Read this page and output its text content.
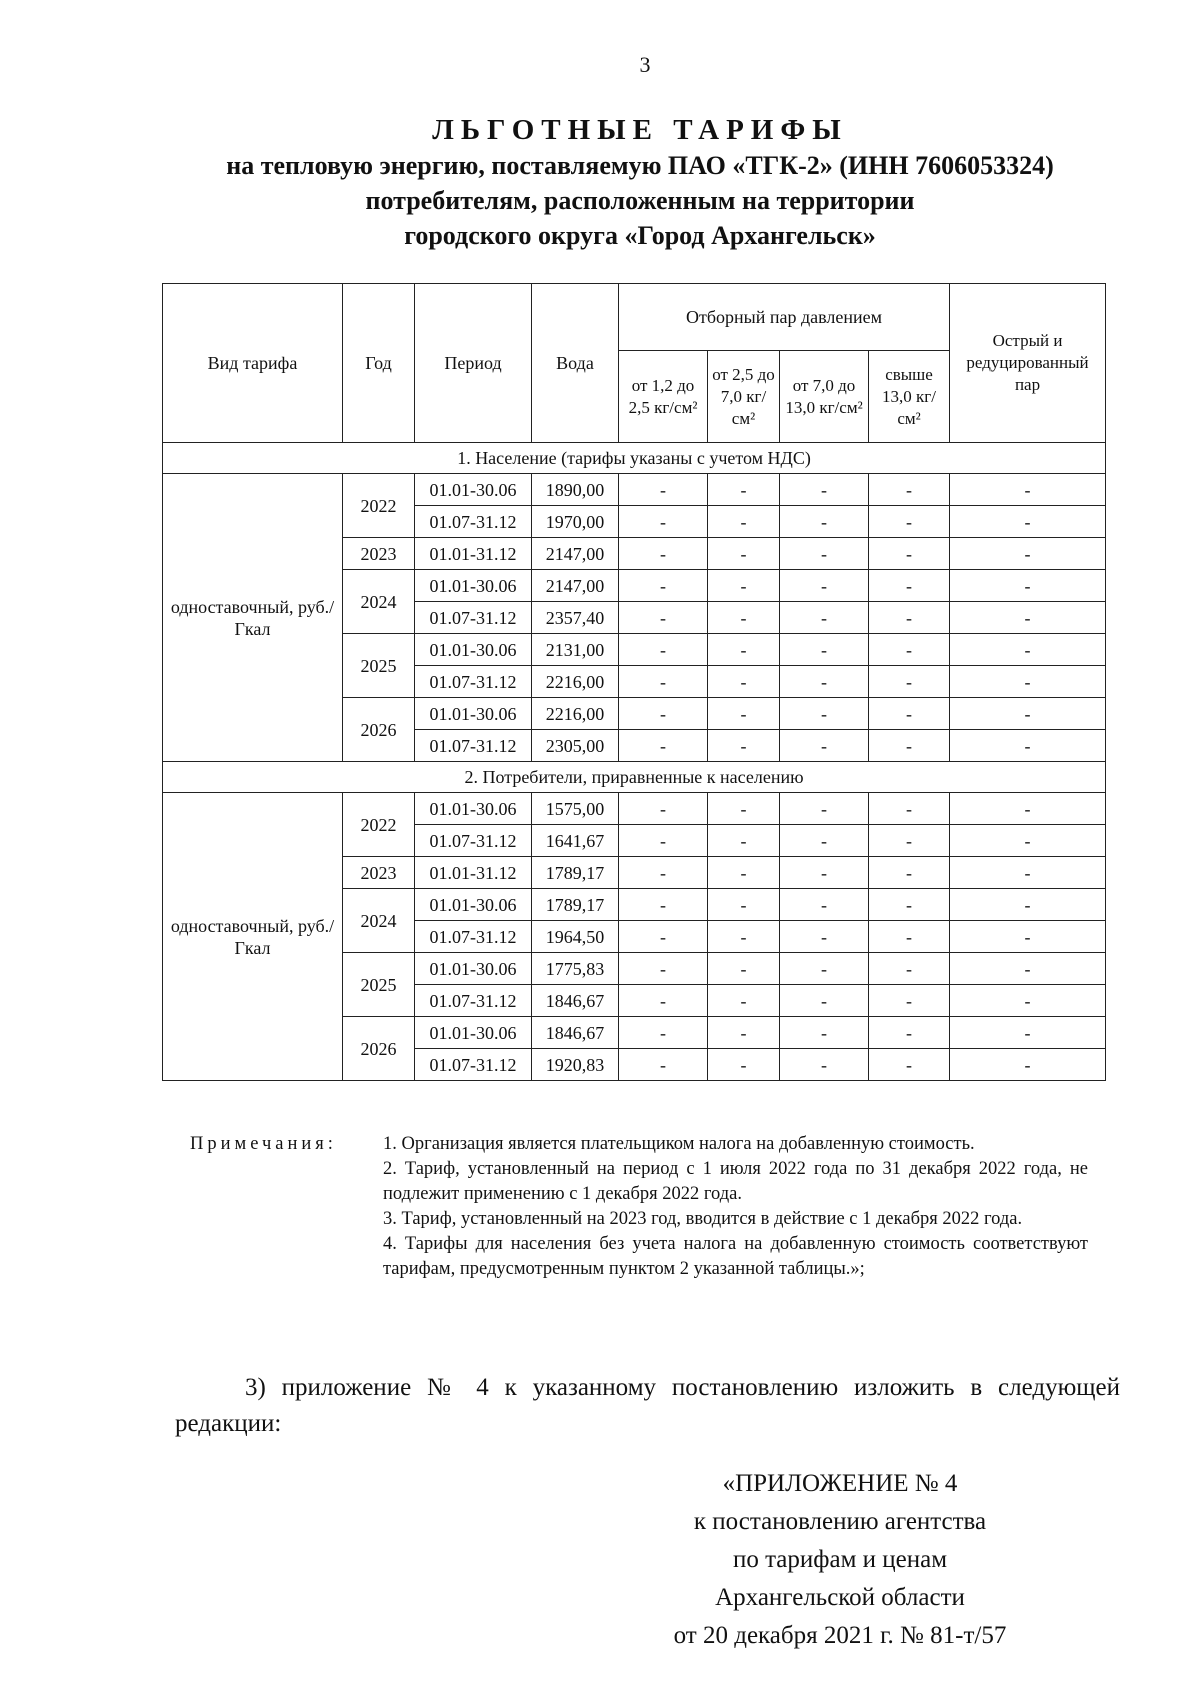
3
ЛЬГОТНЫЕ ТАРИФЫ
на тепловую энергию, поставляемую ПАО «ТГК-2» (ИНН 7606053324)
потребителям, расположенным на территории
городского округа «Город Архангельск»
Вид тарифа	Год	Период	Вода	Отборный пар давлением				Острый и редуцированный пар
				от 1,2 до 2,5 кг/см²	от 2,5 до 7,0 кг/см²	от 7,0 до 13,0 кг/см²	свыше 13,0 кг/см²	
1. Население (тарифы указаны с учетом НДС)								
одноставочный, руб./Гкал	2022	01.01-30.06	1890,00	-	-	-	-	-
		01.07-31.12	1970,00	-	-	-	-	-
	2023	01.01-31.12	2147,00	-	-	-	-	-
	2024	01.01-30.06	2147,00	-	-	-	-	-
		01.07-31.12	2357,40	-	-	-	-	-
	2025	01.01-30.06	2131,00	-	-	-	-	-
		01.07-31.12	2216,00	-	-	-	-	-
	2026	01.01-30.06	2216,00	-	-	-	-	-
		01.07-31.12	2305,00	-	-	-	-	-
2. Потребители, приравненные к населению								
одноставочный, руб./Гкал	2022	01.01-30.06	1575,00	-	-	-	-	-
		01.07-31.12	1641,67	-	-	-	-	-
	2023	01.01-31.12	1789,17	-	-	-	-	-
	2024	01.01-30.06	1789,17	-	-	-	-	-
		01.07-31.12	1964,50	-	-	-	-	-
	2025	01.01-30.06	1775,83	-	-	-	-	-
		01.07-31.12	1846,67	-	-	-	-	-
	2026	01.01-30.06	1846,67	-	-	-	-	-
		01.07-31.12	1920,83	-	-	-	-	-
Примечания: 1. Организация является плательщиком налога на добавленную стоимость.
2. Тариф, установленный на период с 1 июля 2022 года по 31 декабря 2022 года, не подлежит применению с 1 декабря 2022 года.
3. Тариф, установленный на 2023 год, вводится в действие с 1 декабря 2022 года.
4. Тарифы для населения без учета налога на добавленную стоимость соответствуют тарифам, предусмотренным пунктом 2 указанной таблицы.»;
3) приложение № 4 к указанному постановлению изложить в следующей редакции:
«ПРИЛОЖЕНИЕ № 4
к постановлению агентства
по тарифам и ценам
Архангельской области
от 20 декабря 2021 г. № 81-т/57
